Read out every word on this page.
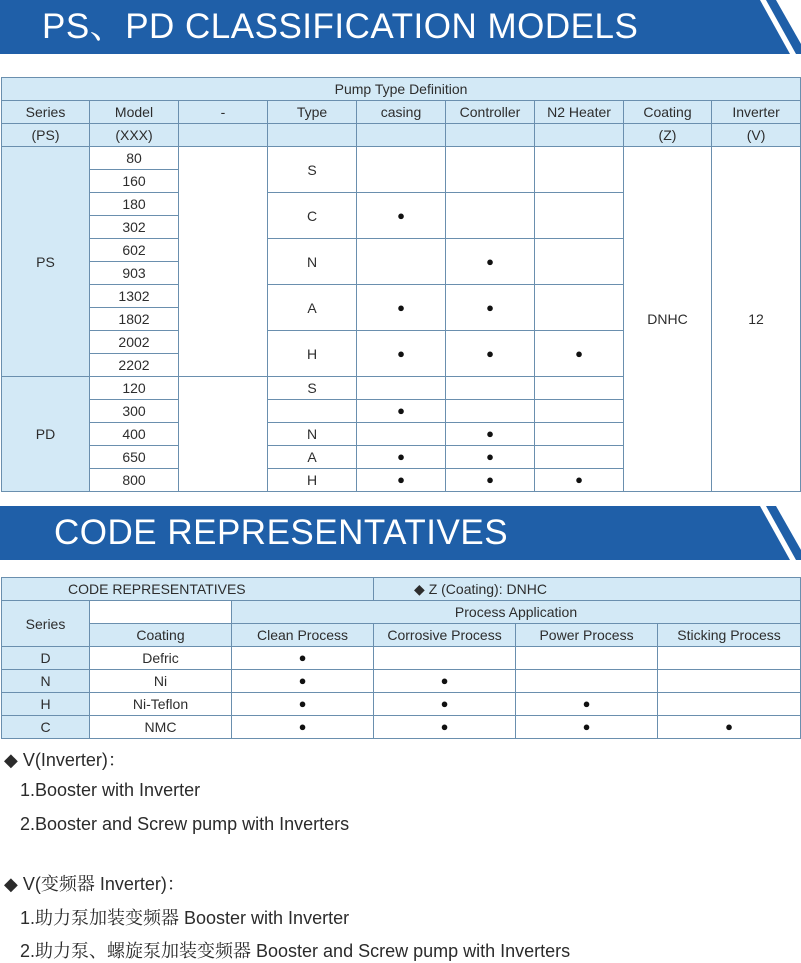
PS、PD CLASSIFICATION MODELS
Pump Type Definition								
Series	Model	-	Type	casing	Controller	N2 Heater	Coating	Inverter
(PS)	(XXX)						(Z)	(V)
PS	80		S				DNHC	12
	160							
	180		C	●				
	302							
	602		N		●			
	903							
	1302		A	●	●			
	1802							
	2002		H	●	●	●		
	2202							
PD	120		S					
	300			●				
	400		N		●			
	650		A	●	●			
	800		H	●	●	●		
CODE REPRESENTATIVES
CODE REPRESENTATIVES			◆ Z (Coating): DNHC		
Series		Process Application			
	Coating	Clean Process	Corrosive Process	Power Process	Sticking Process
D	Defric	●			
N	Ni	●	●		
H	Ni-Teflon	●	●	●	
C	NMC	●	●	●	●
◆ V(Inverter)：
1.Booster with Inverter
2.Booster and Screw pump with Inverters
◆ V(变频器 Inverter)：
1.助力泵加装变频器 Booster with Inverter
2.助力泵、螺旋泵加装变频器 Booster and Screw pump with Inverters
